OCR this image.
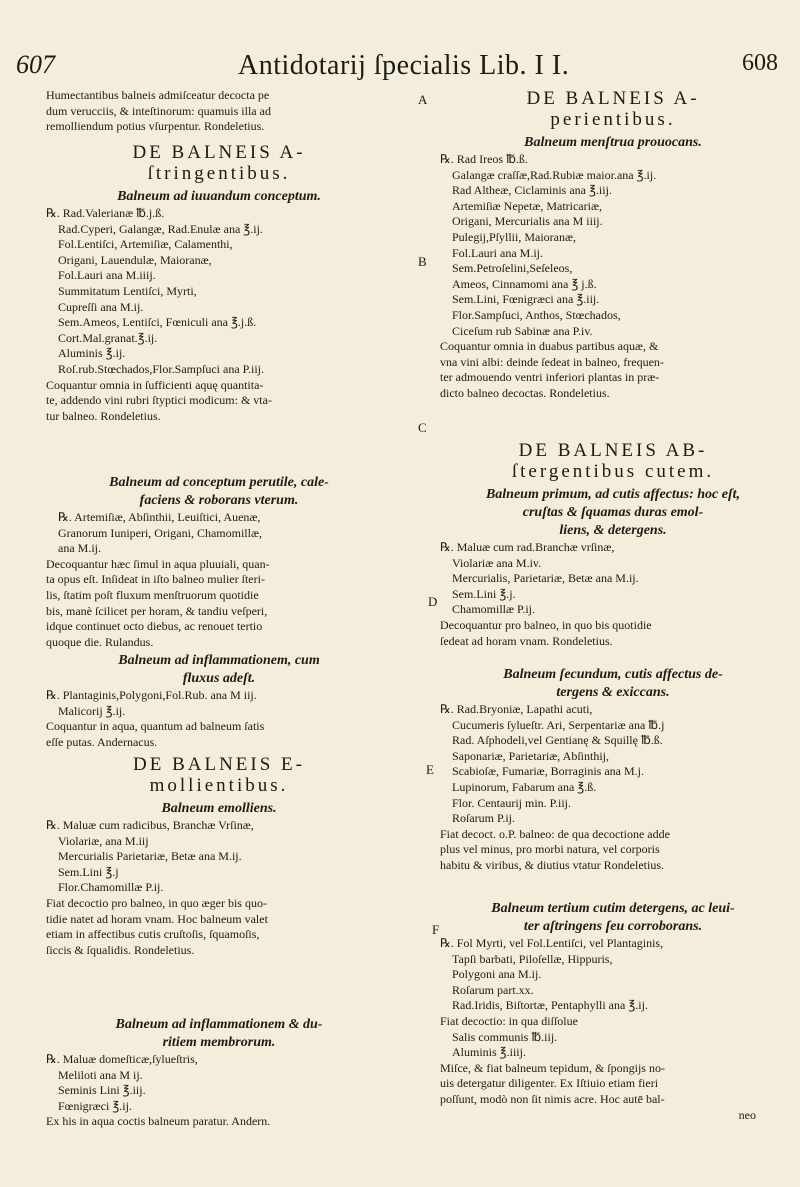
607	Antidotarij ſpecialis Lib. I I.	608
A
B
C
D
E
F

Humectantibus balneis admiſceatur decocta pe

dum verucciis, & inteſtinorum: quamuis illa ad

remolliendum potius vſurpentur. Rondeletius.

DE BALNEIS A-

ſtringentibus.

Balneum ad iuuandum conceptum.

℞. Rad.Valerianæ ℔.j.ß.

Rad.Cyperi, Galangæ, Rad.Enulæ ana ℥.ij.

Fol.Lentiſci, Artemiſiæ, Calamenthi,

Origani, Lauendulæ, Maioranæ,

Fol.Lauri ana M.iiij.

Summitatum Lentiſci, Myrti,

Cupreſſi ana M.ij.

Sem.Ameos, Lentiſci, Fœniculi ana ℥.j.ß.

Cort.Mal.granat.℥.ij.

Aluminis ℥.ij.

Roſ.rub.Stœchados,Flor.Sampſuci ana P.iij.

Coquantur omnia in ſufficienti aquę quantita-

te, addendo vini rubri ſtyptici modicum: & vta-

tur balneo. Rondeletius.

Balneum ad conceptum perutile, cale-

faciens & roborans vterum.

℞. Artemiſiæ, Abſinthii, Leuiſtici, Auenæ,

Granorum Iuniperi, Origani, Chamomillæ,

ana M.ij.

Decoquantur hæc ſimul in aqua pluuiali, quan-

ta opus eſt. Inſideat in iſto balneo mulier ſteri-

lis, ſtatim poſt fluxum menſtruorum quotidie

bis, manè ſcilicet per horam, & tandiu veſperi,

idque continuet octo diebus, ac renouet tertio

quoque die. Rulandus.

Balneum ad inflammationem, cum

fluxus adeſt.

℞. Plantaginis,Polygoni,Fol.Rub. ana M iij.

Malicorij ℥.ij.

Coquantur in aqua, quantum ad balneum ſatis

eſſe putas. Andernacus.

DE BALNEIS E-

mollientibus.

Balneum emolliens.

℞. Maluæ cum radicibus, Branchæ Vrſinæ,

Violariæ, ana M.iij

Mercurialis Parietariæ, Betæ ana M.ij.

Sem.Lini ℥.j

Flor.Chamomillæ P.ij.

Fiat decoctio pro balneo, in quo æger bis quo-

tidie natet ad horam vnam. Hoc balneum valet

etiam in affectibus cutis cruſtoſis, ſquamoſis,

ſiccis & ſqualidis. Rondeletius.

Balneum ad inflammationem & du-

ritiem membrorum.

℞. Maluæ domeſticæ,ſylueſtris,

Meliloti ana M ij.

Seminis Lini ℥.iij.

Fœnigræci ℥.ij.

Ex his in aqua coctis balneum paratur. Andern.

DE BALNEIS A-

perientibus.

Balneum menſtrua prouocans.

℞. Rad Ireos ℔.ß.

Galangæ craſſæ,Rad.Rubiæ maior.ana ℥.ij.

Rad Altheæ, Ciclaminis ana ℥.iij.

Artemiſiæ Nepetæ, Matricariæ,

Origani, Mercurialis ana M iiij.

Pulegij,Pſyllii, Maioranæ,

Fol.Lauri ana M.ij.

Sem.Petroſelini,Seſeleos,

Ameos, Cinnamomi ana ℥ j.ß.

Sem.Lini, Fœnigræci ana ℥.iij.

Flor.Sampſuci, Anthos, Stœchados,

Ciceſum rub Sabinæ ana P.iv.

Coquantur omnia in duabus partibus aquæ, &

vna vini albi: deinde ſedeat in balneo, frequen-

ter admouendo ventri inferiori plantas in præ-

dicto balneo decoctas. Rondeletius.

DE BALNEIS AB-

ſtergentibus cutem.

Balneum primum, ad cutis affectus: hoc eſt,

cruſtas & ſquamas duras emol-

liens, & detergens.

℞. Maluæ cum rad.Branchæ vrſinæ,

Violariæ ana M.iv.

Mercurialis, Parietariæ, Betæ ana M.ij.

Sem.Lini ℥.j.

Chamomillæ P.ij.

Decoquantur pro balneo, in quo bis quotidie

ſedeat ad horam vnam. Rondeletius.

Balneum ſecundum, cutis affectus de-

tergens & exiccans.

℞. Rad.Bryoniæ, Lapathi acuti,

Cucumeris ſylueſtr. Ari, Serpentariæ ana ℔.j

Rad. Aſphodeli,vel Gentianę & Squillę ℔.ß.

Saponariæ, Parietariæ, Abſinthij,

Scabioſæ, Fumariæ, Borraginis ana M.j.

Lupinorum, Fabarum ana ℥.ß.

Flor. Centaurij min. P.iij.

Roſarum P.ij.

Fiat decoct. o.P. balneo: de qua decoctione adde

plus vel minus, pro morbi natura, vel corporis

habitu & viribus, & diutius vtatur Rondeletius.

Balneum tertium cutim detergens, ac leui-

ter aſtringens ſeu corroborans.

℞. Fol Myrti, vel Fol.Lentiſci, vel Plantaginis,

Tapſi barbati, Piloſellæ, Hippuris,

Polygoni ana M.ij.

Roſarum part.xx.

Rad.Iridis, Biſtortæ, Pentaphylli ana ℥.ij.

Fiat decoctio: in qua diſſolue

Salis communis ℔.iij.

Aluminis ℥.iiij.

Miſce, & fiat balneum tepidum, & ſpongijs no-

uis detergatur diligenter. Ex Iſtiuio etiam fieri

poſſunt, modò non ſit nimis acre. Hoc autē bal-

neo
